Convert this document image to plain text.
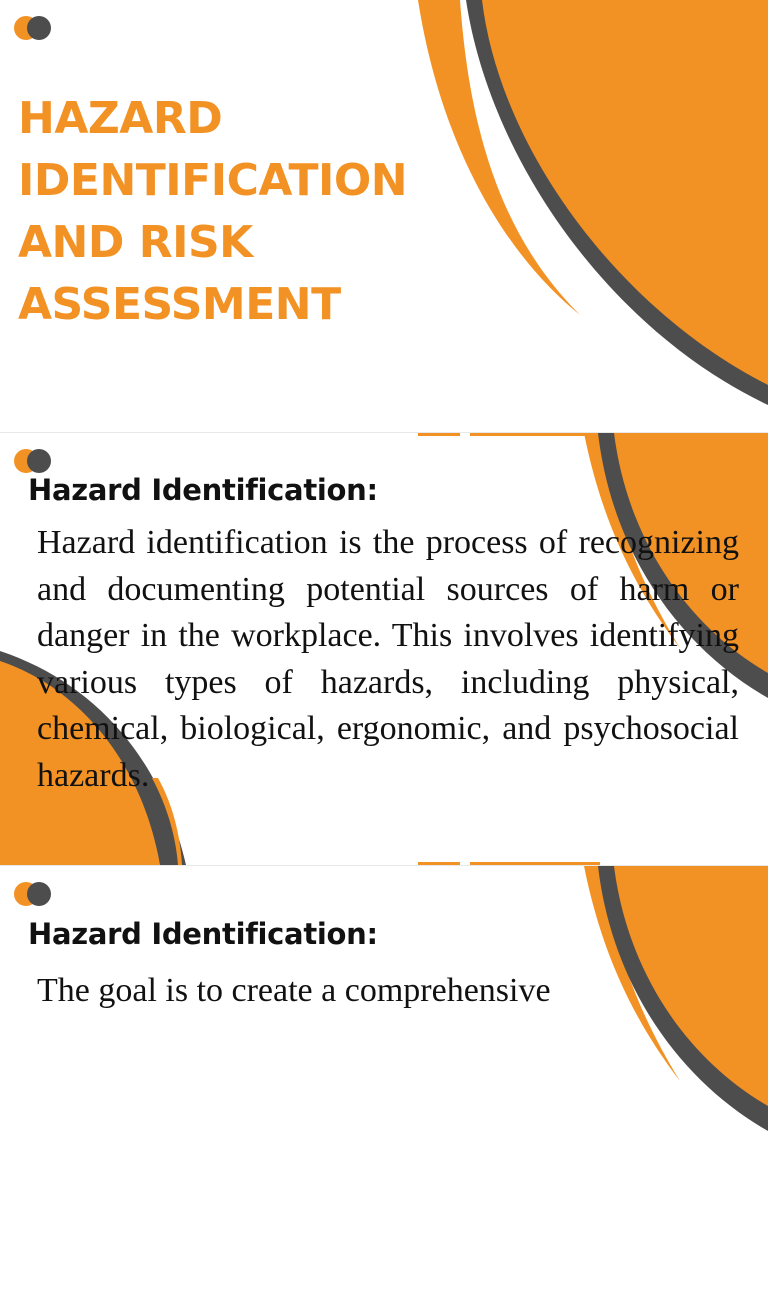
HAZARD
IDENTIFICATION
AND RISK
ASSESSMENT
Hazard Identification:

Hazard identification is the process of recognizing and documenting potential sources of harm or danger in the workplace. This involves identifying various types of hazards, including physical, chemical, biological, ergonomic, and psychosocial hazards.

Hazard Identification:

The goal is to create a comprehensive
